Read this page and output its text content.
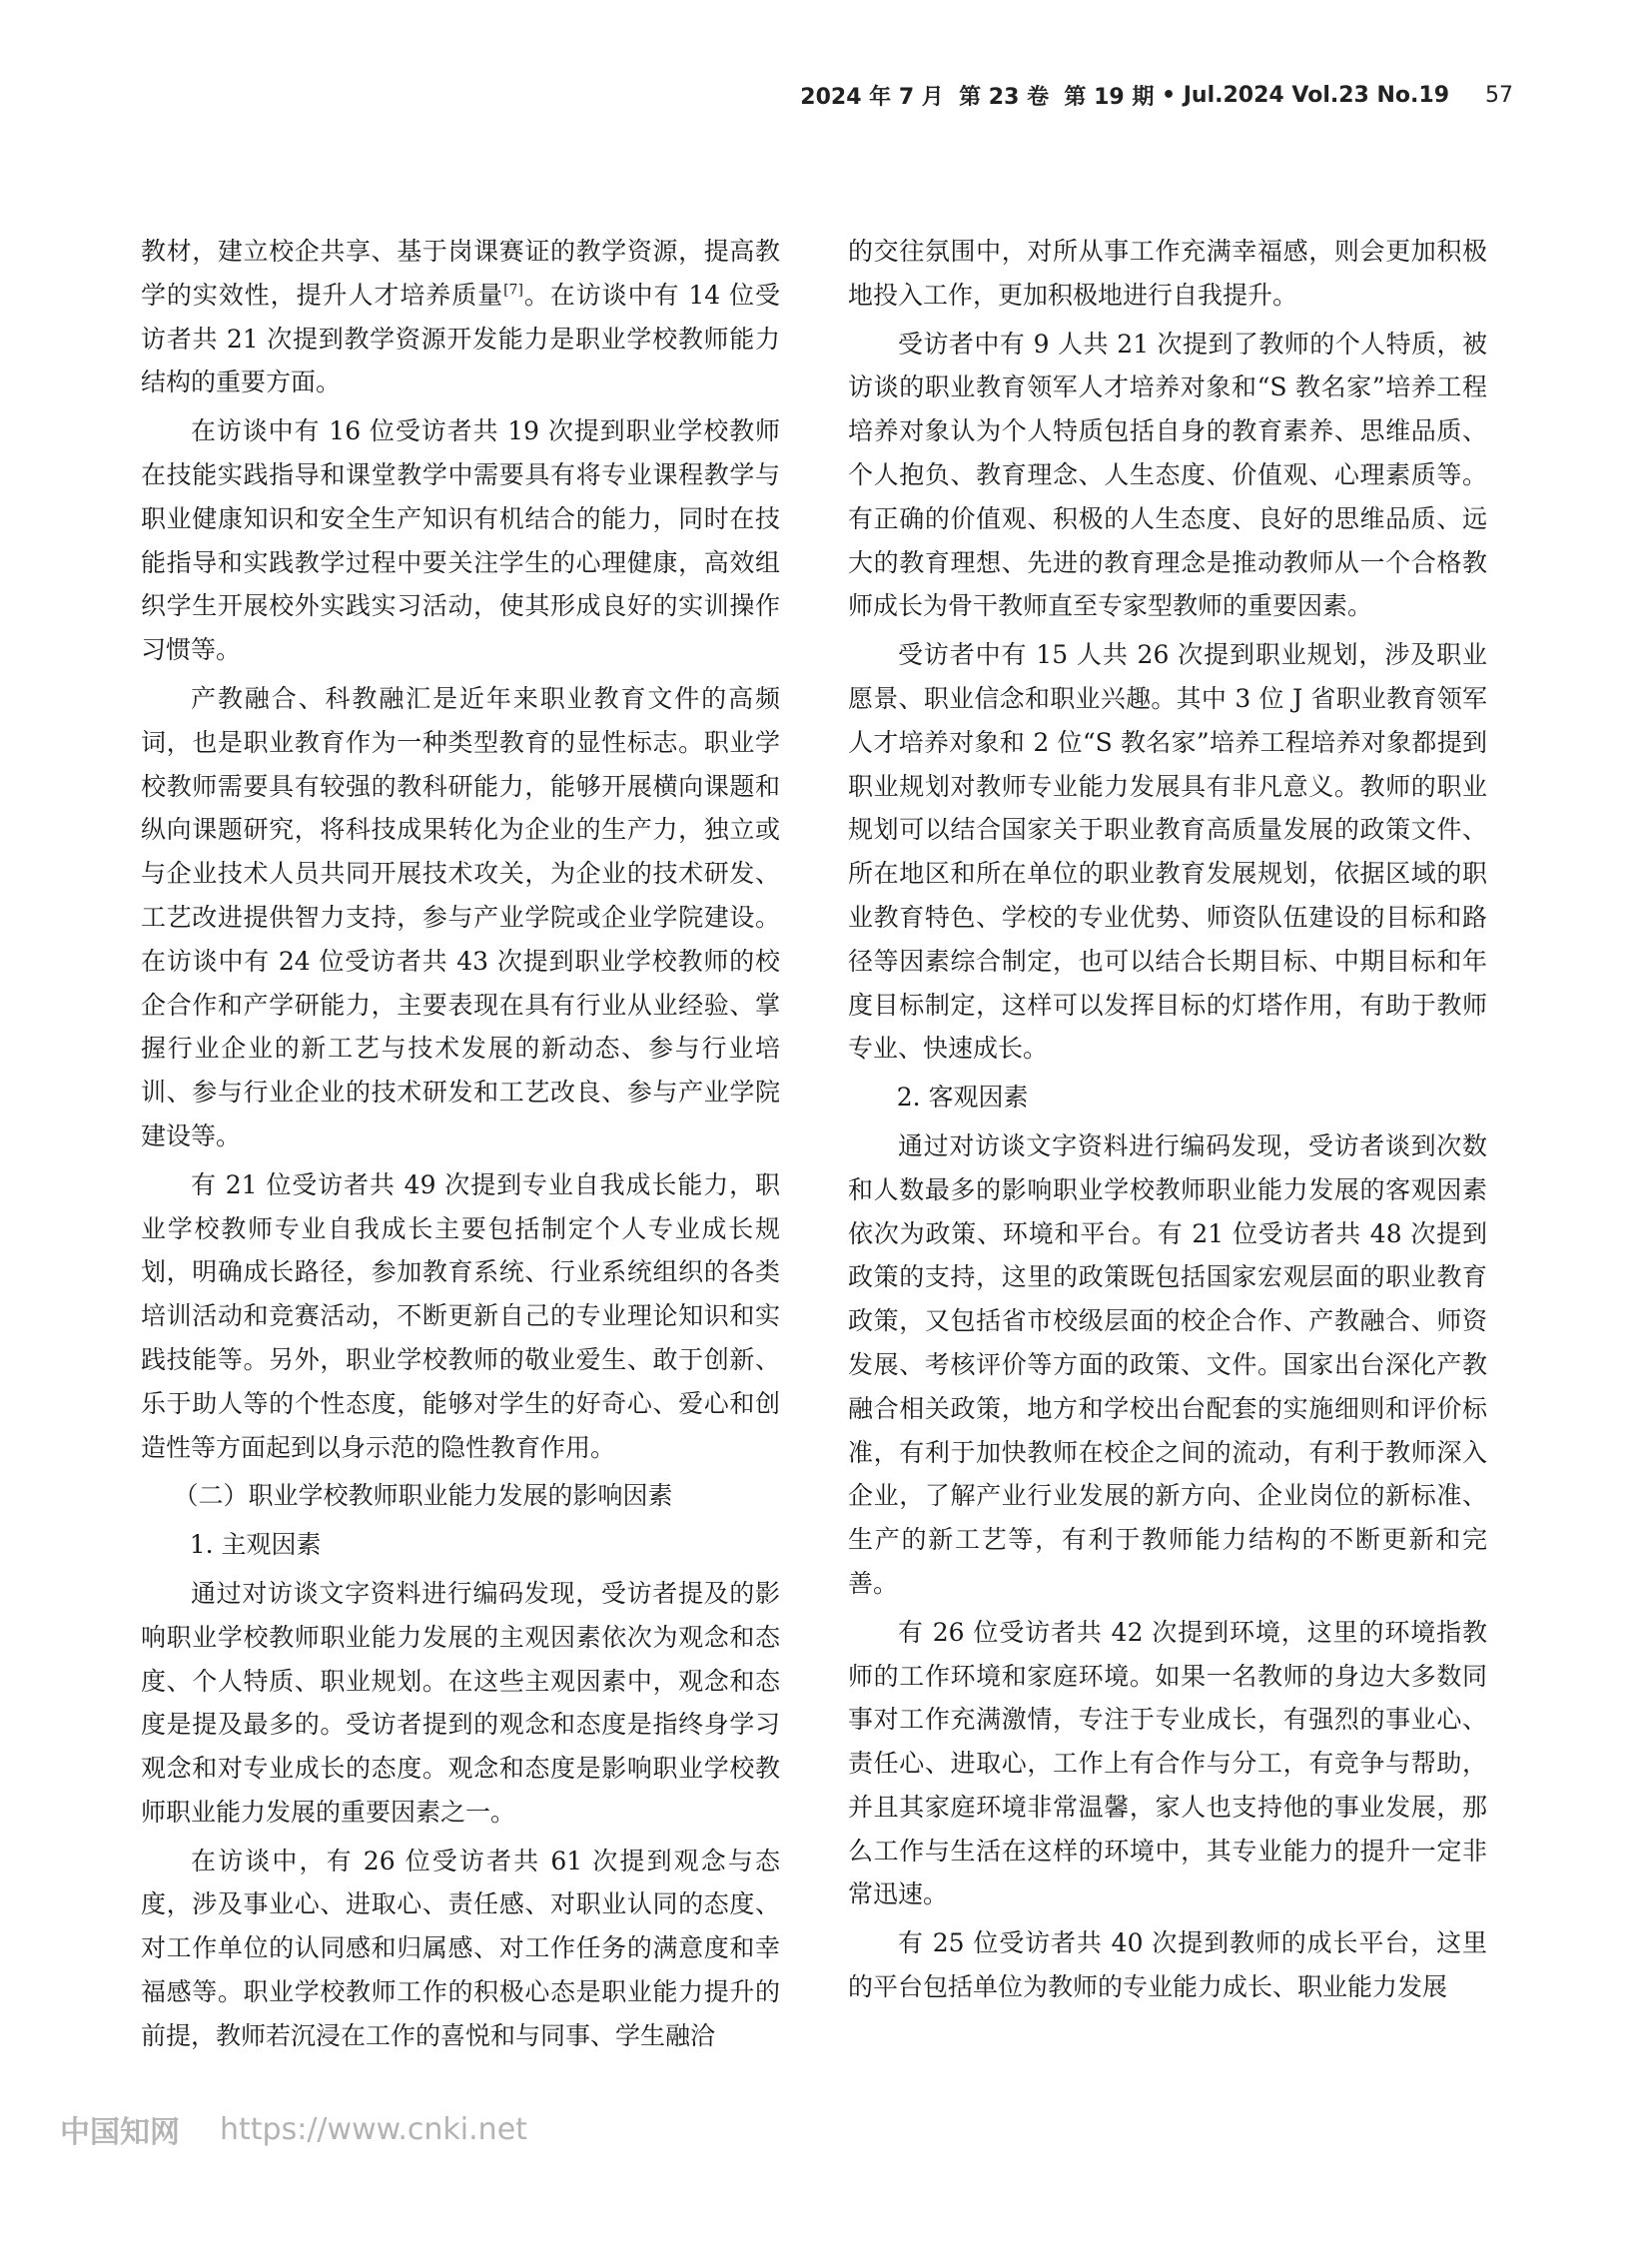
2024 年 7 月
第 23 卷
第 19 期
•
Jul.2024 Vol.23 No.19 57

教材，建立校企共享、基于岗课赛证的教学资源，提高教学的实效性，提升人才培养质量[7]。在访谈中有 14 位受访者共 21 次提到教学资源开发能力是职业学校教师能力结构的重要方面。

在访谈中有 16 位受访者共 19 次提到职业学校教师在技能实践指导和课堂教学中需要具有将专业课程教学与职业健康知识和安全生产知识有机结合的能力，同时在技能指导和实践教学过程中要关注学生的心理健康，高效组织学生开展校外实践实习活动，使其形成良好的实训操作习惯等。

产教融合、科教融汇是近年来职业教育文件的高频词，也是职业教育作为一种类型教育的显性标志。职业学校教师需要具有较强的教科研能力，能够开展横向课题和纵向课题研究，将科技成果转化为企业的生产力，独立或与企业技术人员共同开展技术攻关，为企业的技术研发、工艺改进提供智力支持，参与产业学院或企业学院建设。在访谈中有 24 位受访者共 43 次提到职业学校教师的校企合作和产学研能力，主要表现在具有行业从业经验、掌握行业企业的新工艺与技术发展的新动态、参与行业培训、参与行业企业的技术研发和工艺改良、参与产业学院建设等。

有 21 位受访者共 49 次提到专业自我成长能力，职业学校教师专业自我成长主要包括制定个人专业成长规划，明确成长路径，参加教育系统、行业系统组织的各类培训活动和竞赛活动，不断更新自己的专业理论知识和实践技能等。另外，职业学校教师的敬业爱生、敢于创新、乐于助人等的个性态度，能够对学生的好奇心、爱心和创造性等方面起到以身示范的隐性教育作用。

（二）职业学校教师职业能力发展的影响因素

1. 主观因素

通过对访谈文字资料进行编码发现，受访者提及的影响职业学校教师职业能力发展的主观因素依次为观念和态度、个人特质、职业规划。在这些主观因素中，观念和态度是提及最多的。受访者提到的观念和态度是指终身学习观念和对专业成长的态度。观念和态度是影响职业学校教师职业能力发展的重要因素之一。

在访谈中，有 26 位受访者共 61 次提到观念与态度，涉及事业心、进取心、责任感、对职业认同的态度、对工作单位的认同感和归属感、对工作任务的满意度和幸福感等。职业学校教师工作的积极心态是职业能力提升的前提，教师若沉浸在工作的喜悦和与同事、学生融洽

的交往氛围中，对所从事工作充满幸福感，则会更加积极地投入工作，更加积极地进行自我提升。

受访者中有 9 人共 21 次提到了教师的个人特质，被访谈的职业教育领军人才培养对象和“S 教名家”培养工程培养对象认为个人特质包括自身的教育素养、思维品质、个人抱负、教育理念、人生态度、价值观、心理素质等。有正确的价值观、积极的人生态度、良好的思维品质、远大的教育理想、先进的教育理念是推动教师从一个合格教师成长为骨干教师直至专家型教师的重要因素。

受访者中有 15 人共 26 次提到职业规划，涉及职业愿景、职业信念和职业兴趣。其中 3 位 J 省职业教育领军人才培养对象和 2 位“S 教名家”培养工程培养对象都提到职业规划对教师专业能力发展具有非凡意义。教师的职业规划可以结合国家关于职业教育高质量发展的政策文件、所在地区和所在单位的职业教育发展规划，依据区域的职业教育特色、学校的专业优势、师资队伍建设的目标和路径等因素综合制定，也可以结合长期目标、中期目标和年度目标制定，这样可以发挥目标的灯塔作用，有助于教师专业、快速成长。

2. 客观因素

通过对访谈文字资料进行编码发现，受访者谈到次数和人数最多的影响职业学校教师职业能力发展的客观因素依次为政策、环境和平台。有 21 位受访者共 48 次提到政策的支持，这里的政策既包括国家宏观层面的职业教育政策，又包括省市校级层面的校企合作、产教融合、师资发展、考核评价等方面的政策、文件。国家出台深化产教融合相关政策，地方和学校出台配套的实施细则和评价标准，有利于加快教师在校企之间的流动，有利于教师深入企业，了解产业行业发展的新方向、企业岗位的新标准、生产的新工艺等，有利于教师能力结构的不断更新和完善。

有 26 位受访者共 42 次提到环境，这里的环境指教师的工作环境和家庭环境。如果一名教师的身边大多数同事对工作充满激情，专注于专业成长，有强烈的事业心、责任心、进取心，工作上有合作与分工，有竞争与帮助，并且其家庭环境非常温馨，家人也支持他的事业发展，那么工作与生活在这样的环境中，其专业能力的提升一定非常迅速。

有 25 位受访者共 40 次提到教师的成长平台，这里的平台包括单位为教师的专业能力成长、职业能力发展

中国知网 https://www.cnki.net
